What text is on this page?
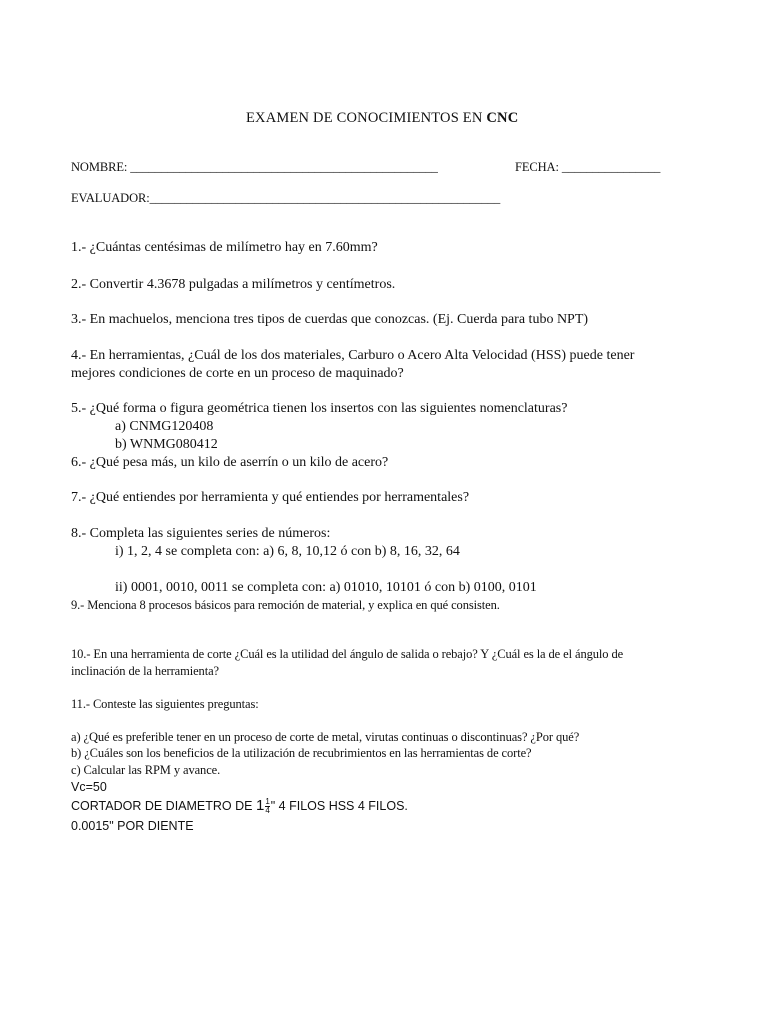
EXAMEN DE CONOCIMIENTOS EN CNC
NOMBRE: __________________________________________________	FECHA: ________________
EVALUADOR:_________________________________________________________
1.- ¿Cuántas centésimas de milímetro hay en 7.60mm?
2.- Convertir 4.3678 pulgadas a milímetros y centímetros.
3.- En machuelos, menciona tres tipos de cuerdas que conozcas. (Ej. Cuerda para tubo NPT)
4.- En herramientas, ¿Cuál de los dos materiales, Carburo o Acero Alta Velocidad (HSS) puede tener
mejores condiciones de corte en un proceso de maquinado?
5.- ¿Qué forma o figura geométrica tienen los insertos con las siguientes nomenclaturas?
a) CNMG120408
b) WNMG080412
6.- ¿Qué pesa más, un kilo de aserrín o un kilo de acero?
7.- ¿Qué entiendes por herramienta y qué entiendes por herramentales?
8.- Completa las siguientes series de números:
i) 1, 2, 4 se completa con: a) 6, 8, 10,12 ó con b) 8, 16, 32, 64
ii) 0001, 0010, 0011 se completa con: a) 01010, 10101 ó con b) 0100, 0101
9.- Menciona 8 procesos básicos para remoción de material, y explica en qué consisten.
10.- En una herramienta de corte ¿Cuál es la utilidad del ángulo de salida o rebajo? Y ¿Cuál es la de el ángulo de
inclinación de la herramienta?
11.- Conteste las siguientes preguntas:
a) ¿Qué es preferible tener en un proceso de corte de metal, virutas continuas o discontinuas? ¿Por qué?
b) ¿Cuáles son los beneficios de la utilización de recubrimientos en las herramientas de corte?
c) Calcular las RPM y avance.
Vc=50
CORTADOR DE DIAMETRO DE $1\frac{1}{4}$ " 4 FILOS HSS 4 FILOS.
0.0015" POR DIENTE
